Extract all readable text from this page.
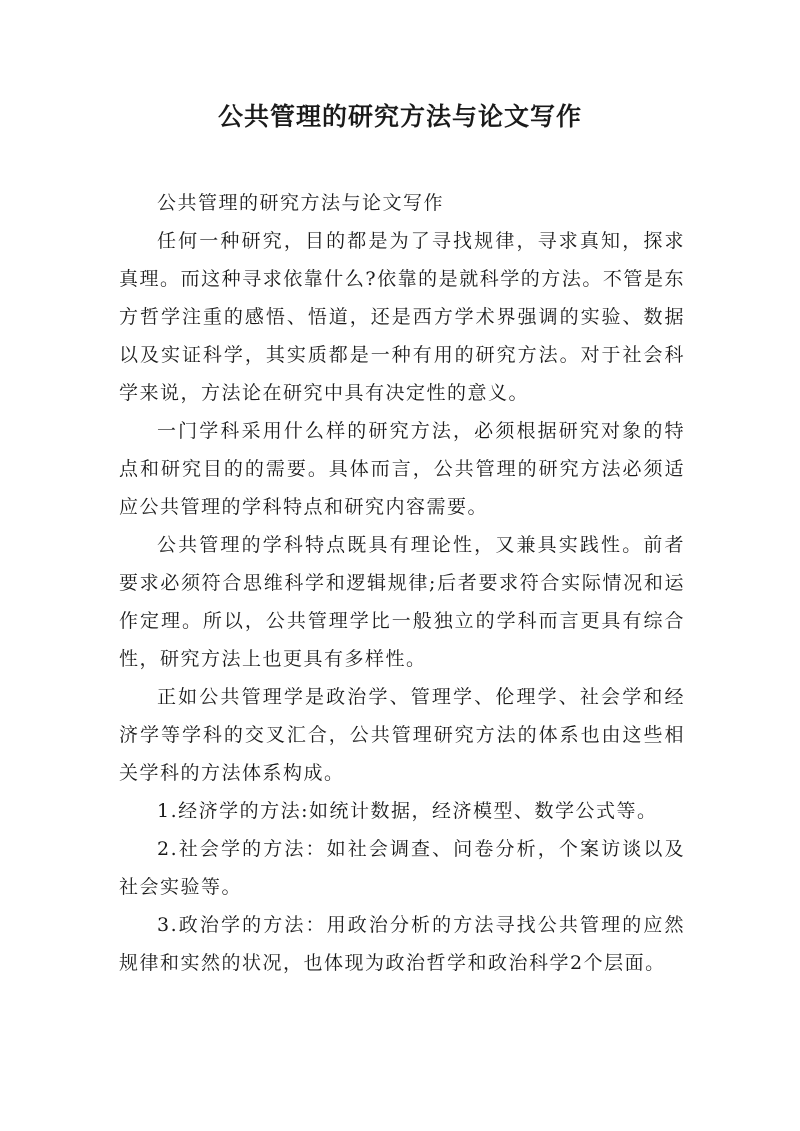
公共管理的研究方法与论文写作

公共管理的研究方法与论文写作

任何一种研究，目的都是为了寻找规律，寻求真知，探求真理。而这种寻求依靠什么?依靠的是就科学的方法。不管是东方哲学注重的感悟、悟道，还是西方学术界强调的实验、数据以及实证科学，其实质都是一种有用的研究方法。对于社会科学来说，方法论在研究中具有决定性的意义。

一门学科采用什么样的研究方法，必须根据研究对象的特点和研究目的的需要。具体而言，公共管理的研究方法必须适应公共管理的学科特点和研究内容需要。

公共管理的学科特点既具有理论性，又兼具实践性。前者要求必须符合思维科学和逻辑规律;后者要求符合实际情况和运作定理。所以，公共管理学比一般独立的学科而言更具有综合性，研究方法上也更具有多样性。

正如公共管理学是政治学、管理学、伦理学、社会学和经济学等学科的交叉汇合，公共管理研究方法的体系也由这些相关学科的方法体系构成。

1.经济学的方法:如统计数据，经济模型、数学公式等。

2.社会学的方法：如社会调查、问卷分析，个案访谈以及社会实验等。

3.政治学的方法：用政治分析的方法寻找公共管理的应然规律和实然的状况，也体现为政治哲学和政治科学2个层面。
